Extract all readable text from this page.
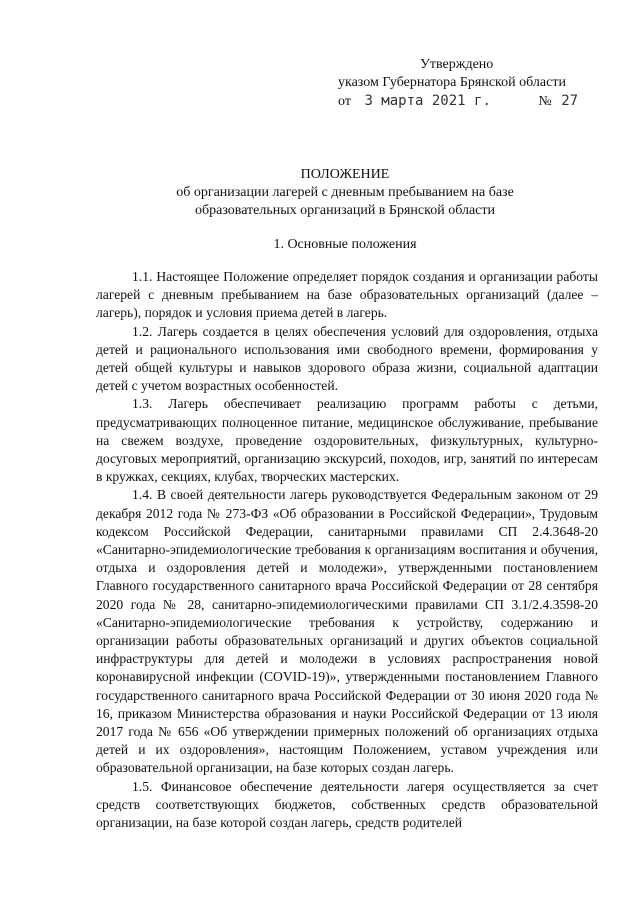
Утверждено
указом Губернатора Брянской области
от 3 марта 2021 г.	№ 27
ПОЛОЖЕНИЕ
об организации лагерей с дневным пребыванием на базе
образовательных организаций в Брянской области
1. Основные положения

1.1. Настоящее Положение определяет порядок создания и организации работы лагерей с дневным пребыванием на базе образовательных организаций (далее – лагерь), порядок и условия приема детей в лагерь.

1.2. Лагерь создается в целях обеспечения условий для оздоровления, отдыха детей и рационального использования ими свободного времени, формирования у детей общей культуры и навыков здорового образа жизни, социальной адаптации детей с учетом возрастных особенностей.

1.3. Лагерь обеспечивает реализацию программ работы с детьми, предусматривающих полноценное питание, медицинское обслуживание, пребывание на свежем воздухе, проведение оздоровительных, физкультурных, культурно-досуговых мероприятий, организацию экскурсий, походов, игр, занятий по интересам в кружках, секциях, клубах, творческих мастерских.

1.4. В своей деятельности лагерь руководствуется Федеральным законом от 29 декабря 2012 года № 273-ФЗ «Об образовании в Российской Федерации», Трудовым кодексом Российской Федерации, санитарными правилами СП 2.4.3648-20 «Санитарно-эпидемиологические требования к организациям воспитания и обучения, отдыха и оздоровления детей и молодежи», утвержденными постановлением Главного государственного санитарного врача Российской Федерации от 28 сентября 2020 года № 28, санитарно-эпидемиологическими правилами СП 3.1/2.4.3598-20 «Санитарно-эпидемиологические требования к устройству, содержанию и организации работы образовательных организаций и других объектов социальной инфраструктуры для детей и молодежи в условиях распространения новой коронавирусной инфекции (COVID-19)», утвержденными постановлением Главного государственного санитарного врача Российской Федерации от 30 июня 2020 года № 16, приказом Министерства образования и науки Российской Федерации от 13 июля 2017 года № 656 «Об утверждении примерных положений об организациях отдыха детей и их оздоровления», настоящим Положением, уставом учреждения или образовательной организации, на базе которых создан лагерь.

1.5. Финансовое обеспечение деятельности лагеря осуществляется за счет средств соответствующих бюджетов, собственных средств образовательной организации, на базе которой создан лагерь, средств родителей
